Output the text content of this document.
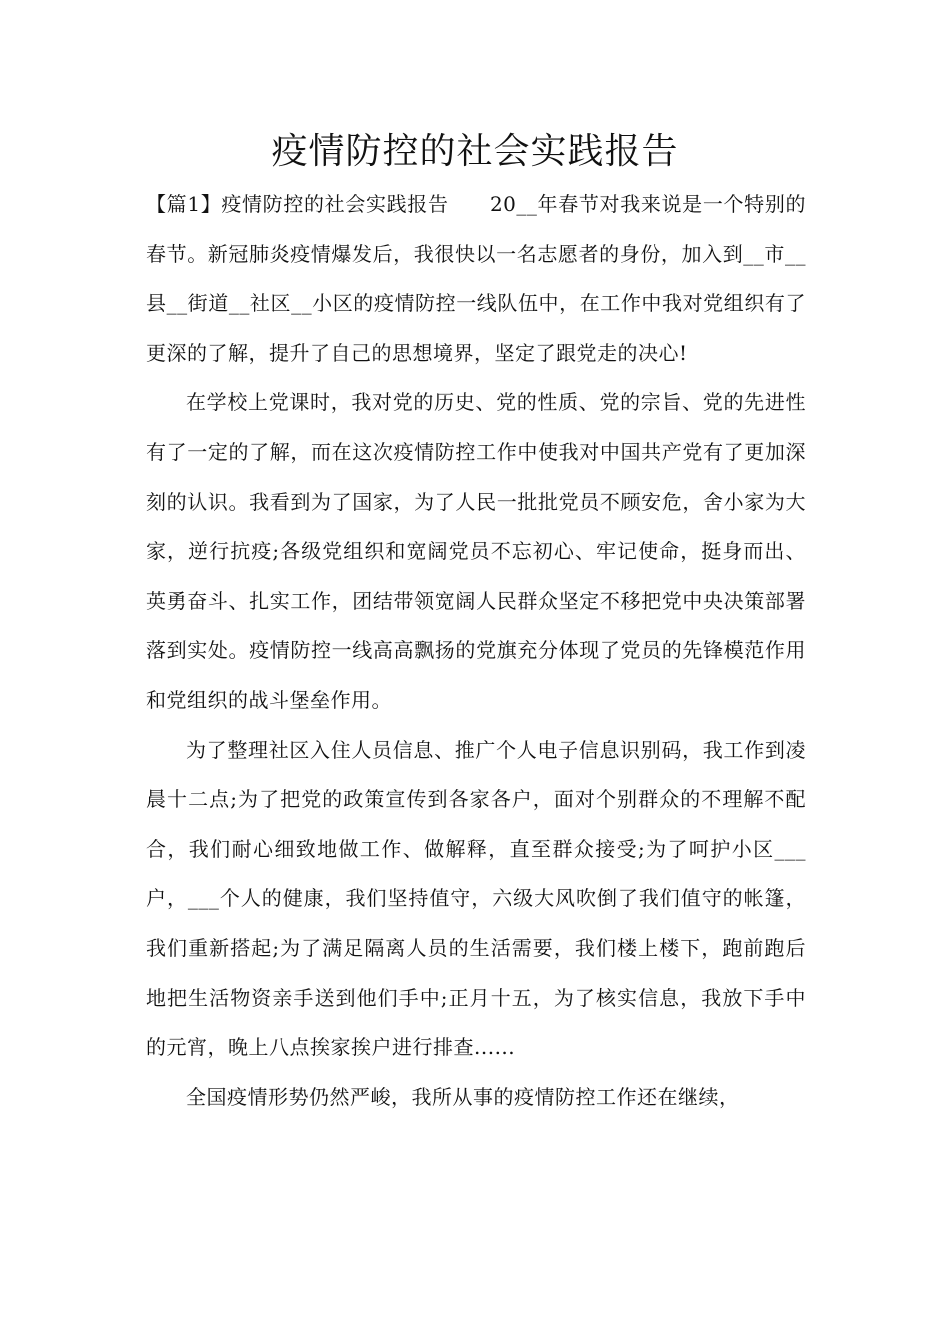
疫情防控的社会实践报告

【篇1】疫情防控的社会实践报告　　20__年春节对我来说是一个特别的春节。新冠肺炎疫情爆发后，我很快以一名志愿者的身份，加入到__市__县__街道__社区__小区的疫情防控一线队伍中，在工作中我对党组织有了更深的了解，提升了自己的思想境界，坚定了跟党走的决心!

在学校上党课时，我对党的历史、党的性质、党的宗旨、党的先进性有了一定的了解，而在这次疫情防控工作中使我对中国共产党有了更加深刻的认识。我看到为了国家，为了人民一批批党员不顾安危，舍小家为大家，逆行抗疫;各级党组织和宽阔党员不忘初心、牢记使命，挺身而出、英勇奋斗、扎实工作，团结带领宽阔人民群众坚定不移把党中央决策部署落到实处。疫情防控一线高高飘扬的党旗充分体现了党员的先锋模范作用和党组织的战斗堡垒作用。

为了整理社区入住人员信息、推广个人电子信息识别码，我工作到凌晨十二点;为了把党的政策宣传到各家各户，面对个别群众的不理解不配合，我们耐心细致地做工作、做解释，直至群众接受;为了呵护小区___户，___个人的健康，我们坚持值守，六级大风吹倒了我们值守的帐篷，我们重新搭起;为了满足隔离人员的生活需要，我们楼上楼下，跑前跑后地把生活物资亲手送到他们手中;正月十五，为了核实信息，我放下手中的元宵，晚上八点挨家挨户进行排查......

全国疫情形势仍然严峻，我所从事的疫情防控工作还在继续，
